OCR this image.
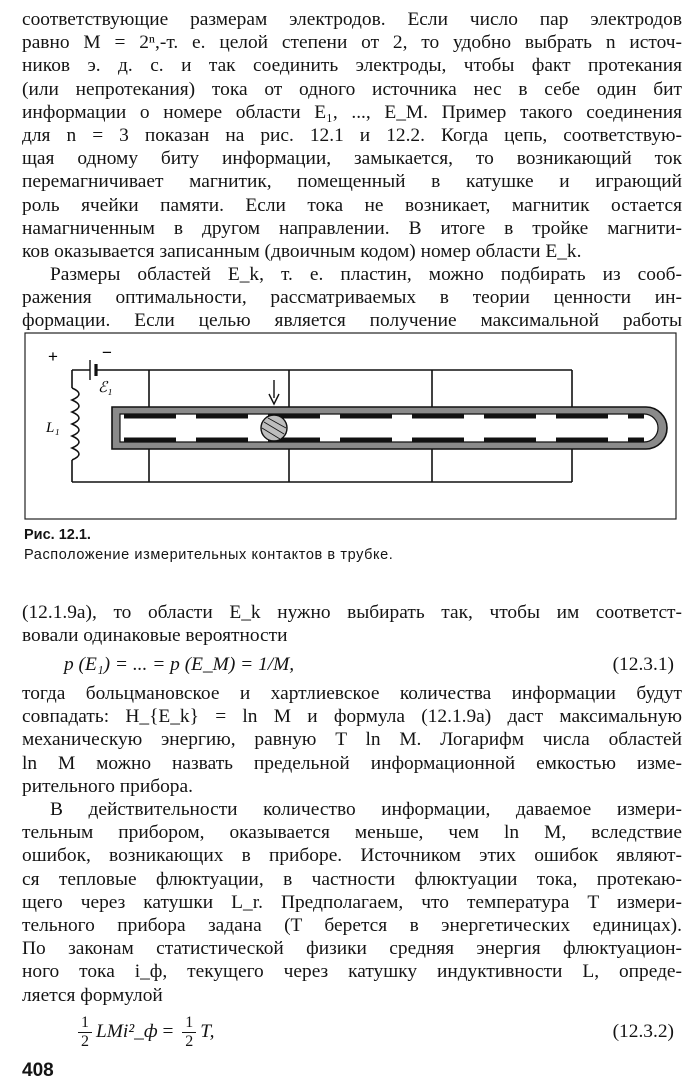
соответствующие размерам электродов. Если число пар электродов
равно M = 2ⁿ,-т. е. целой степени от 2, то удобно выбрать n источ-
ников э. д. с. и так соединить электроды, чтобы факт протекания
(или непротекания) тока от одного источника нес в себе один бит
информации о номере области E₁, ..., E_M. Пример такого соединения
для n = 3 показан на рис. 12.1 и 12.2. Когда цепь, соответствую-
щая одному биту информации, замыкается, то возникающий ток
перемагничивает магнитик, помещенный в катушке и играющий
роль ячейки памяти. Если тока не возникает, магнитик остается
намагниченным в другом направлении. В итоге в тройке магнити-
ков оказывается записанным (двоичным кодом) номер области E_k.
Размеры областей E_k, т. е. пластин, можно подбирать из сооб-
ражения оптимальности, рассматриваемых в теории ценности ин-
формации. Если целью является получение максимальной работы
+	−
ℰ₁
L₁
Рис. 12.1.
Расположение измерительных контактов в трубке.
(12.1.9а), то области E_k нужно выбирать так, чтобы им соответст-
вовали одинаковые вероятности
p (E₁) = ... = p (E_M) = 1/M,	(12.3.1)
тогда больцмановское и хартлиевское количества информации будут
совпадать: H_{E_k} = ln M и формула (12.1.9а) даст максимальную
механическую энергию, равную T ln M. Логарифм числа областей
ln M можно назвать предельной информационной емкостью изме-
рительного прибора.
В действительности количество информации, даваемое измери-
тельным прибором, оказывается меньше, чем ln M, вследствие
ошибок, возникающих в приборе. Источником этих ошибок являют-
ся тепловые флюктуации, в частности флюктуации тока, протекаю-
щего через катушки L_r. Предполагаем, что температура T измери-
тельного прибора задана (T берется в энергетических единицах).
По законам статистической физики средняя энергия флюктуацион-
ного тока i_ф, текущего через катушку индуктивности L, опреде-
ляется формулой
$\frac{1}{2}$ LMi²_ф = $\frac{1}{2} T$,	(12.3.2)
408
